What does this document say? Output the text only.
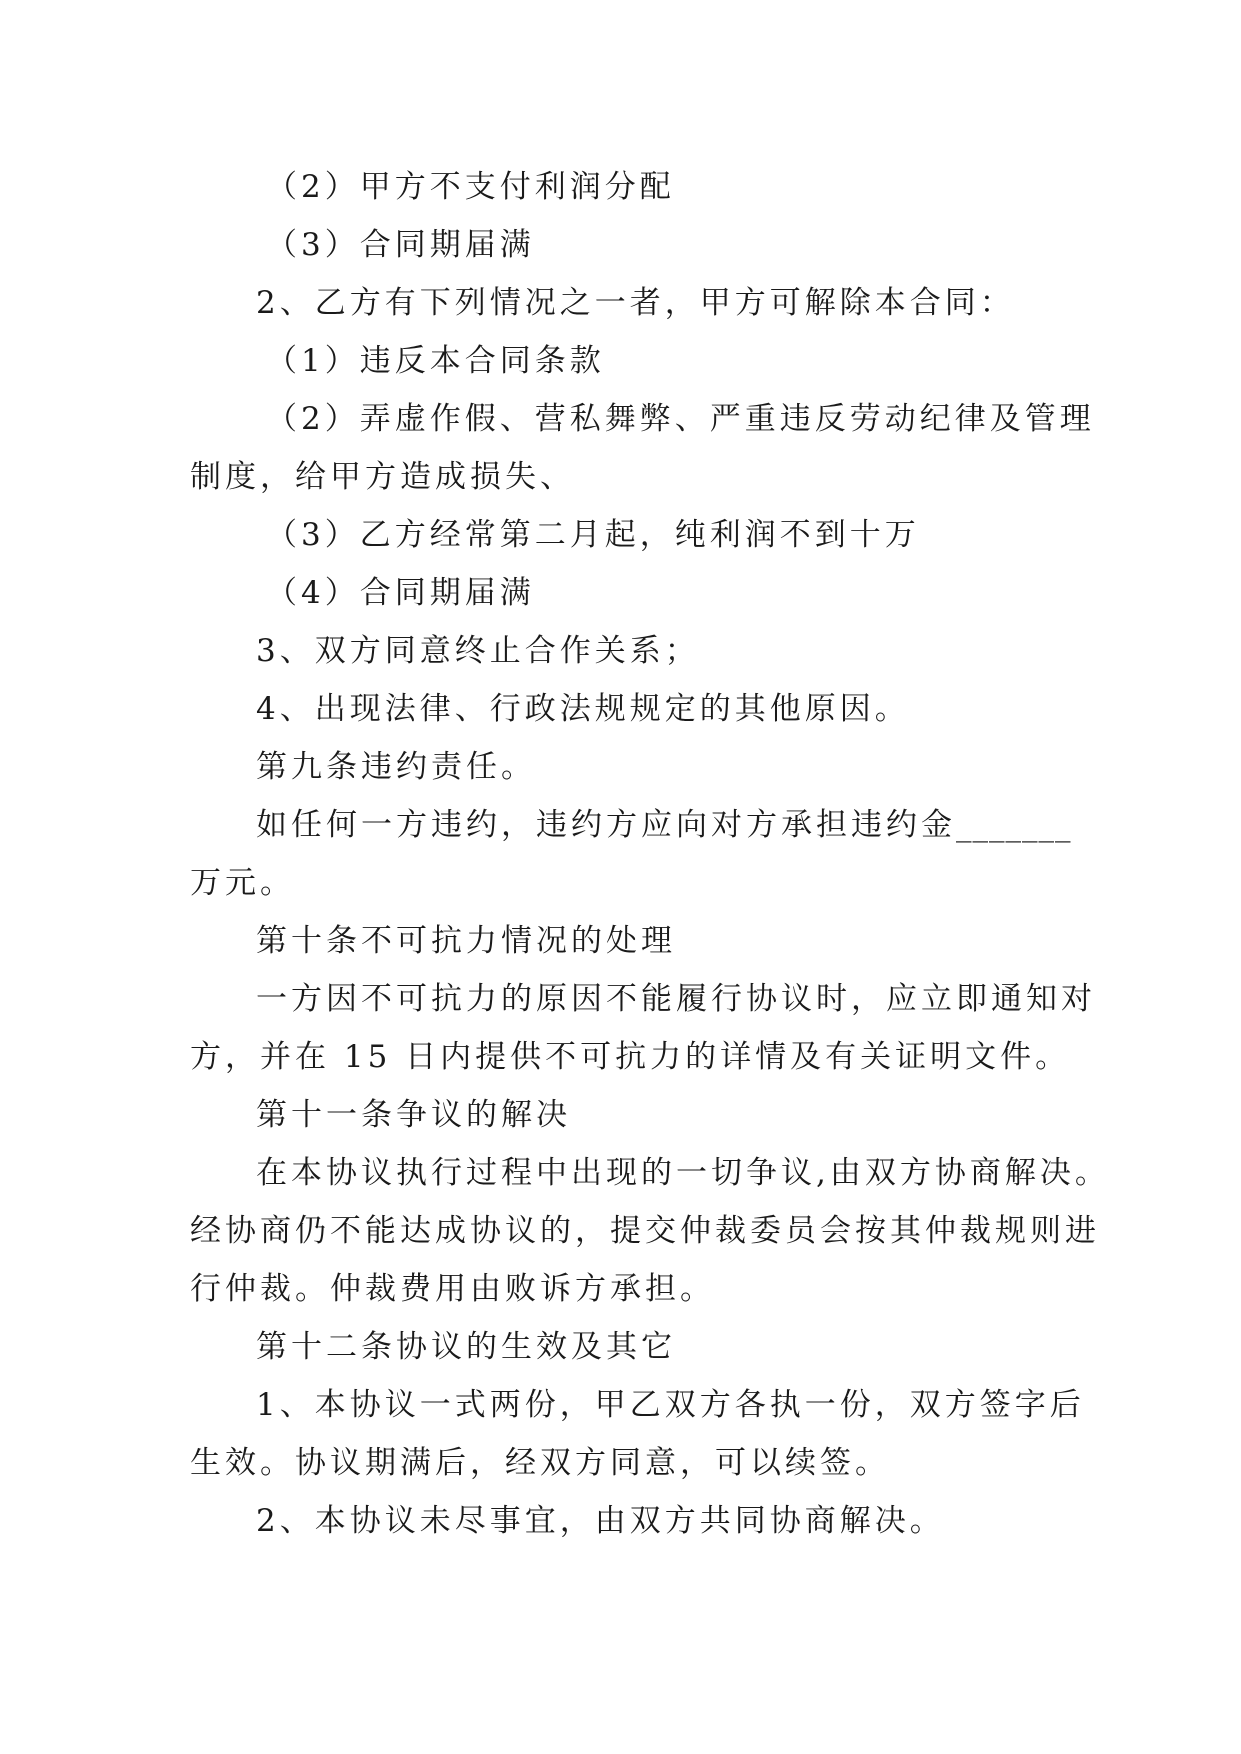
（2）甲方不支付利润分配

（3）合同期届满

2、乙方有下列情况之一者，甲方可解除本合同：

（1）违反本合同条款

（2）弄虚作假、营私舞弊、严重违反劳动纪律及管理

制度，给甲方造成损失、

（3）乙方经常第二月起，纯利润不到十万

（4）合同期届满

3、双方同意终止合作关系；

4、出现法律、行政法规规定的其他原因。

第九条违约责任。

如任何一方违约，违约方应向对方承担违约金_______

万元。

第十条不可抗力情况的处理

一方因不可抗力的原因不能履行协议时，应立即通知对

方，并在 15 日内提供不可抗力的详情及有关证明文件。

第十一条争议的解决

在本协议执行过程中出现的一切争议,由双方协商解决。

经协商仍不能达成协议的，提交仲裁委员会按其仲裁规则进

行仲裁。仲裁费用由败诉方承担。

第十二条协议的生效及其它

1、本协议一式两份，甲乙双方各执一份，双方签字后

生效。协议期满后，经双方同意，可以续签。

2、本协议未尽事宜，由双方共同协商解决。
